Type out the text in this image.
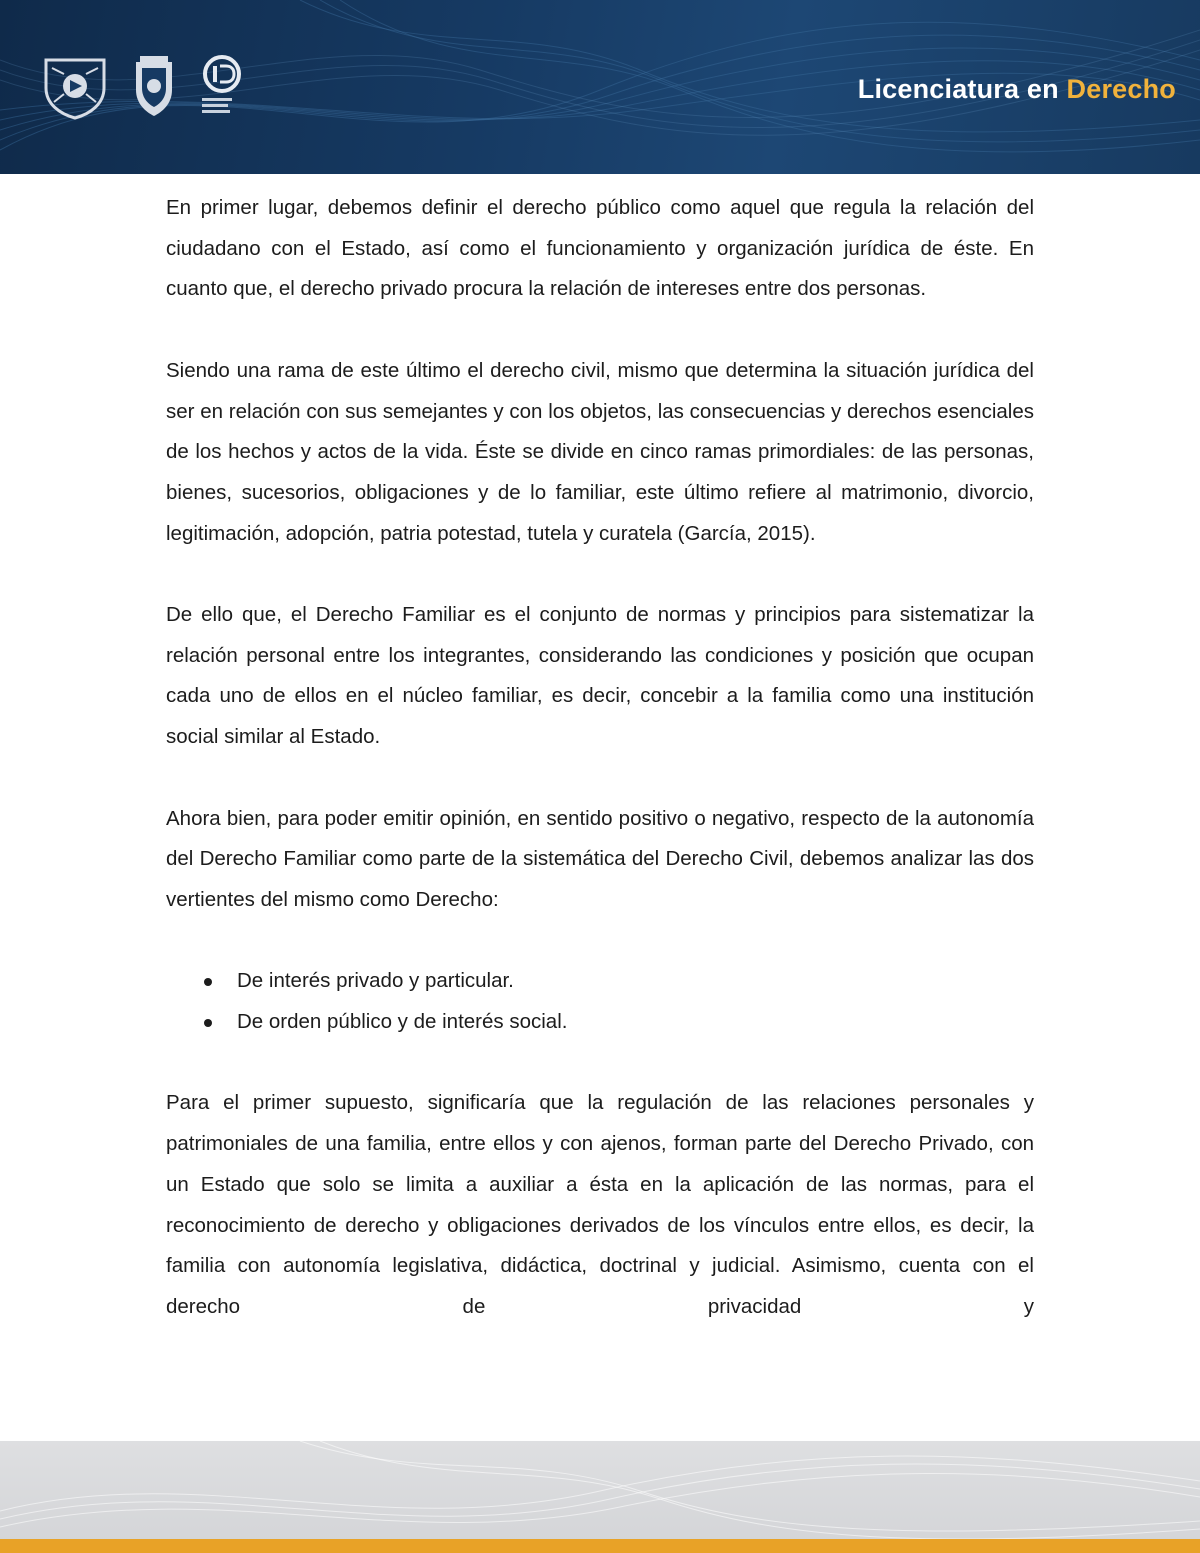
Licenciatura en Derecho

En primer lugar, debemos definir el derecho público como aquel que regula la relación del ciudadano con el Estado, así como el funcionamiento y organización jurídica de éste. En cuanto que, el derecho privado procura la relación de intereses entre dos personas.

Siendo una rama de este último el derecho civil, mismo que determina la situación jurídica del ser en relación con sus semejantes y con los objetos, las consecuencias y derechos esenciales de los hechos y actos de la vida. Éste se divide en cinco ramas primordiales: de las personas, bienes, sucesorios, obligaciones y de lo familiar, este último refiere al matrimonio, divorcio, legitimación, adopción, patria potestad, tutela y curatela (García, 2015).

De ello que, el Derecho Familiar es el conjunto de normas y principios para sistematizar la relación personal entre los integrantes, considerando las condiciones y posición que ocupan cada uno de ellos en el núcleo familiar, es decir, concebir a la familia como una institución social similar al Estado.

Ahora bien, para poder emitir opinión, en sentido positivo o negativo, respecto de la autonomía del Derecho Familiar como parte de la sistemática del Derecho Civil, debemos analizar las dos vertientes del mismo como Derecho:

De interés privado y particular.
De orden público y de interés social.

Para el primer supuesto, significaría que la regulación de las relaciones personales y patrimoniales de una familia, entre ellos y con ajenos, forman parte del Derecho Privado, con un Estado que solo se limita a auxiliar a ésta en la aplicación de las normas, para el reconocimiento de derecho y obligaciones derivados de los vínculos entre ellos, es decir, la familia con autonomía legislativa, didáctica, doctrinal y judicial. Asimismo, cuenta con el derecho de privacidad y
